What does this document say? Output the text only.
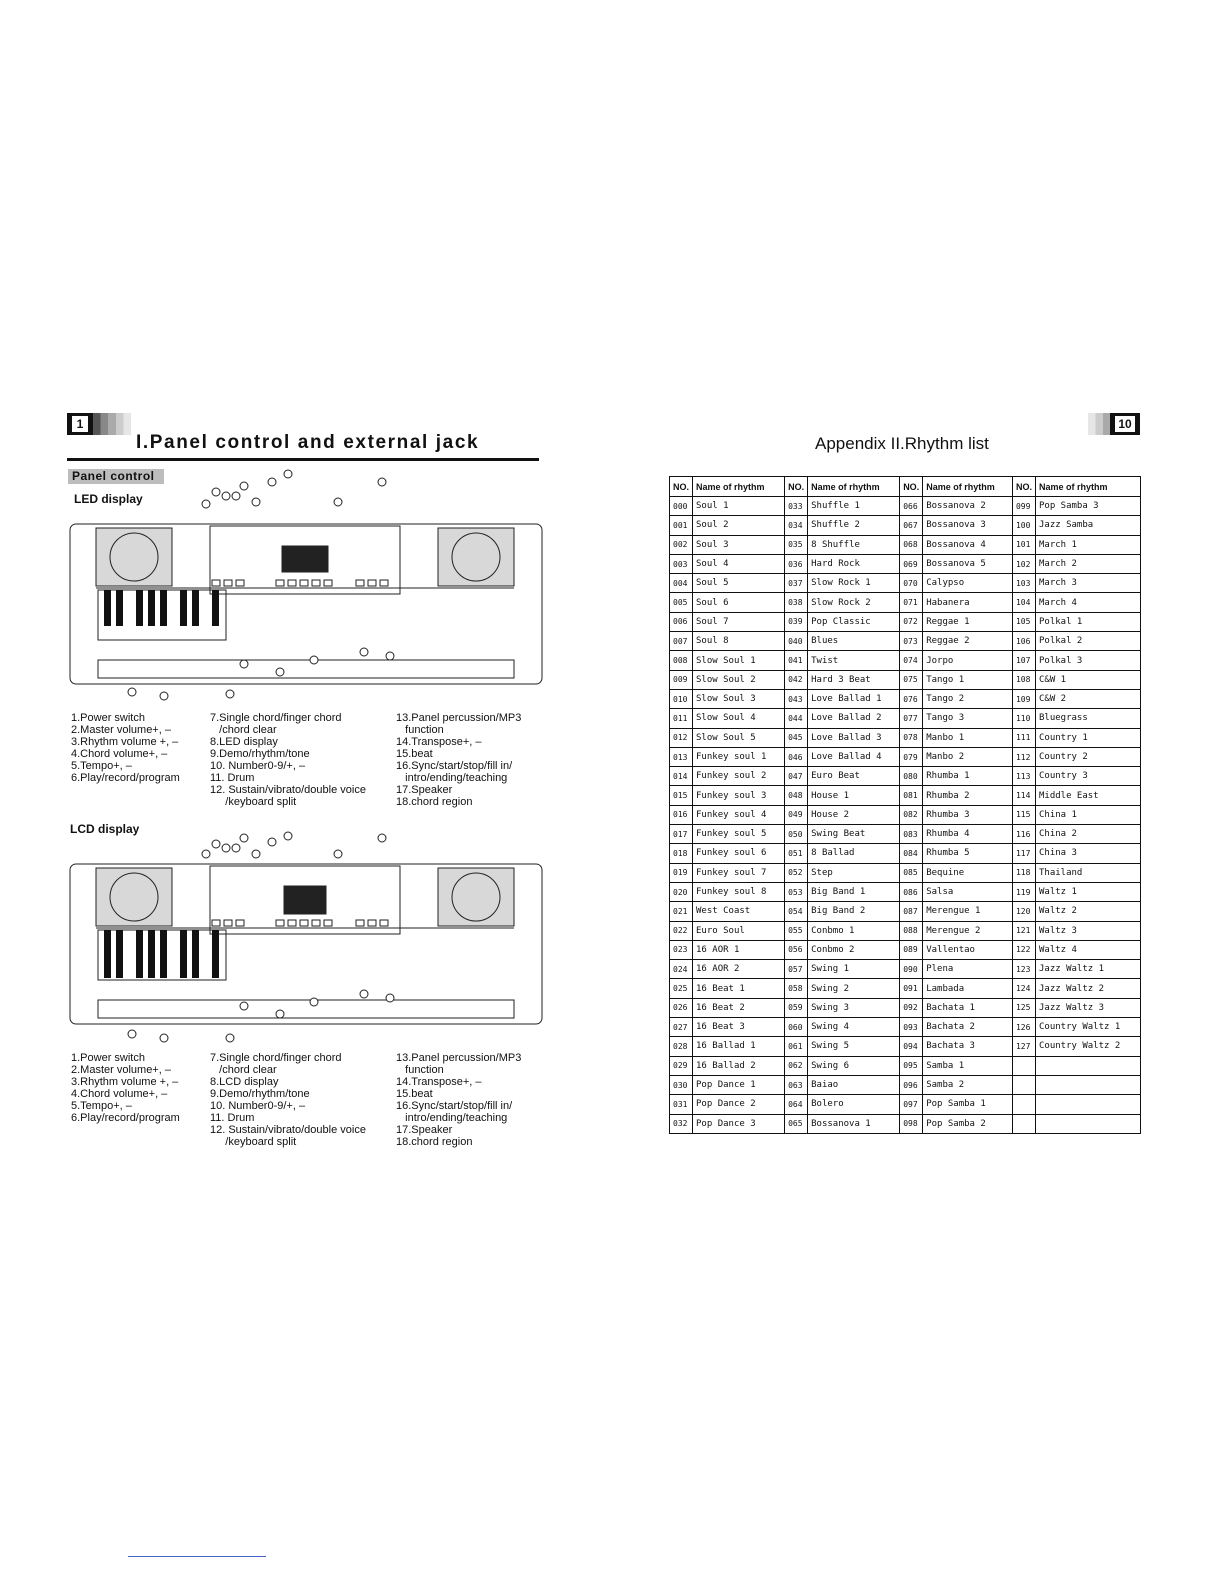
1
I.Panel control and external jack
Panel control
10
Appendix II.Rhythm list
LED display
1.Power switch
2.Master volume+, –
3.Rhythm volume +, –
4.Chord volume+, –
5.Tempo+, –
6.Play/record/program
7.Single chord/finger chord
/chord clear
8.LED display
9.Demo/rhythm/tone
10. Number0-9/+, –
11. Drum
12. Sustain/vibrato/double voice
/keyboard split
13.Panel percussion/MP3
function
14.Transpose+, –
15.beat
16.Sync/start/stop/fill in/
intro/ending/teaching
17.Speaker
18.chord region
LCD display
1.Power switch
2.Master volume+, –
3.Rhythm volume +, –
4.Chord volume+, –
5.Tempo+, –
6.Play/record/program
7.Single chord/finger chord
/chord clear
8.LCD display
9.Demo/rhythm/tone
10. Number0-9/+, –
11. Drum
12. Sustain/vibrato/double voice
/keyboard split
13.Panel percussion/MP3
function
14.Transpose+, –
15.beat
16.Sync/start/stop/fill in/
intro/ending/teaching
17.Speaker
18.chord region
NO.	Name of rhythm	NO.	Name of rhythm	NO.	Name of rhythm	NO.	Name of rhythm
000	Soul 1	033	Shuffle 1	066	Bossanova 2	099	Pop Samba 3
001	Soul 2	034	Shuffle 2	067	Bossanova 3	100	Jazz Samba
002	Soul 3	035	8 Shuffle	068	Bossanova 4	101	March 1
003	Soul 4	036	Hard Rock	069	Bossanova 5	102	March 2
004	Soul 5	037	Slow Rock 1	070	Calypso	103	March 3
005	Soul 6	038	Slow Rock 2	071	Habanera	104	March 4
006	Soul 7	039	Pop Classic	072	Reggae 1	105	Polkal 1
007	Soul 8	040	Blues	073	Reggae 2	106	Polkal 2
008	Slow Soul 1	041	Twist	074	Jorpo	107	Polkal 3
009	Slow Soul 2	042	Hard 3 Beat	075	Tango 1	108	C&W 1
010	Slow Soul 3	043	Love Ballad 1	076	Tango 2	109	C&W 2
011	Slow Soul 4	044	Love Ballad 2	077	Tango 3	110	Bluegrass
012	Slow Soul 5	045	Love Ballad 3	078	Manbo 1	111	Country 1
013	Funkey soul 1	046	Love Ballad 4	079	Manbo 2	112	Country 2
014	Funkey soul 2	047	Euro Beat	080	Rhumba 1	113	Country 3
015	Funkey soul 3	048	House 1	081	Rhumba 2	114	Middle East
016	Funkey soul 4	049	House 2	082	Rhumba 3	115	China 1
017	Funkey soul 5	050	Swing Beat	083	Rhumba 4	116	China 2
018	Funkey soul 6	051	8 Ballad	084	Rhumba 5	117	China 3
019	Funkey soul 7	052	Step	085	Bequine	118	Thailand
020	Funkey soul 8	053	Big Band 1	086	Salsa	119	Waltz 1
021	West Coast	054	Big Band 2	087	Merengue 1	120	Waltz 2
022	Euro Soul	055	Conbmo 1	088	Merengue 2	121	Waltz 3
023	16 AOR 1	056	Conbmo 2	089	Vallentao	122	Waltz 4
024	16 AOR 2	057	Swing 1	090	Plena	123	Jazz Waltz 1
025	16 Beat 1	058	Swing 2	091	Lambada	124	Jazz Waltz 2
026	16 Beat 2	059	Swing 3	092	Bachata 1	125	Jazz Waltz 3
027	16 Beat 3	060	Swing 4	093	Bachata 2	126	Country Waltz 1
028	16 Ballad 1	061	Swing 5	094	Bachata 3	127	Country Waltz 2
029	16 Ballad 2	062	Swing 6	095	Samba 1		
030	Pop Dance 1	063	Baiao	096	Samba 2		
031	Pop Dance 2	064	Bolero	097	Pop Samba 1		
032	Pop Dance 3	065	Bossanova 1	098	Pop Samba 2		
